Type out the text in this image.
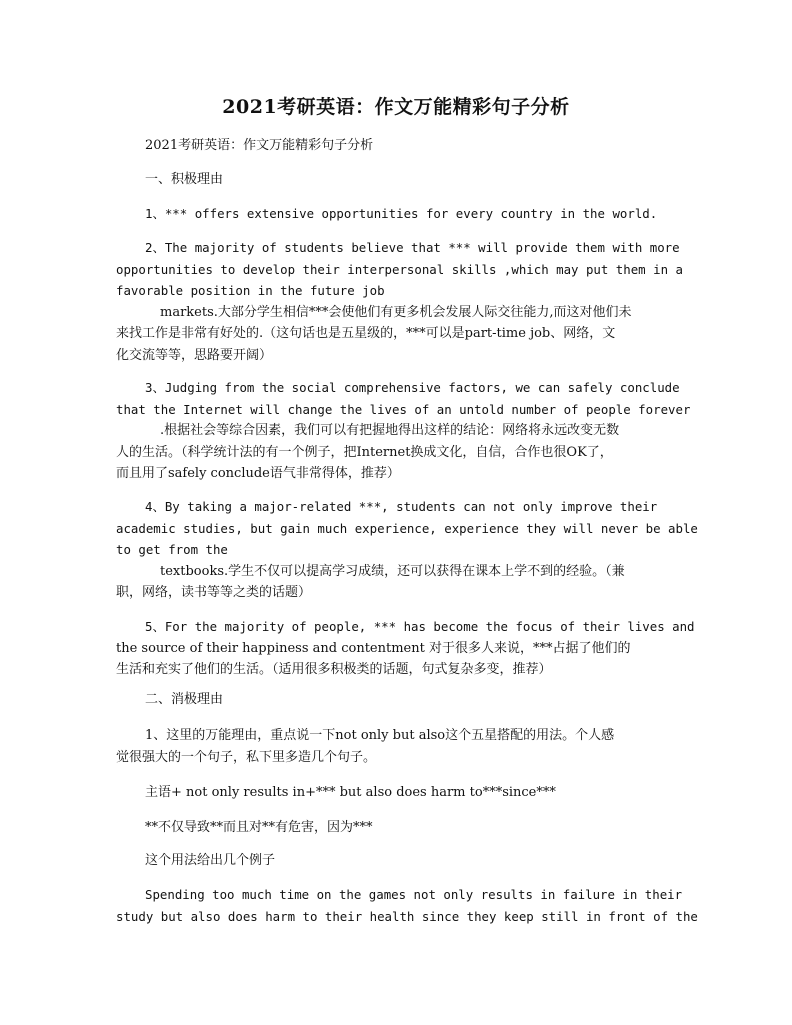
2021考研英语：作文万能精彩句子分析
2021考研英语：作文万能精彩句子分析
一、积极理由
1、*** offers extensive opportunities for every country in the world.
2、The majority of students believe that *** will provide them with more
opportunities to develop their interpersonal skills ,which may put them in a
favorable position in the future job
markets.大部分学生相信***会使他们有更多机会发展人际交往能力,而这对他们未
来找工作是非常有好处的.（这句话也是五星级的，***可以是part-time job、网络，文
化交流等等，思路要开阔）
3、Judging from the social comprehensive factors, we can safely conclude
that the Internet will change the lives of an untold number of people forever
.根据社会等综合因素，我们可以有把握地得出这样的结论：网络将永远改变无数
人的生活。（科学统计法的有一个例子，把Internet换成文化，自信，合作也很OK了，
而且用了safely conclude语气非常得体，推荐）
4、By taking a major-related ***, students can not only improve their
academic studies, but gain much experience, experience they will never be able
to get from the
textbooks.学生不仅可以提高学习成绩，还可以获得在课本上学不到的经验。（兼
职，网络，读书等等之类的话题）
5、For the majority of people, *** has become the focus of their lives and
the source of their happiness and contentment 对于很多人来说，***占据了他们的
生活和充实了他们的生活。（适用很多积极类的话题，句式复杂多变，推荐）
二、消极理由
1、这里的万能理由，重点说一下not only but also这个五星搭配的用法。个人感
觉很强大的一个句子，私下里多造几个句子。
主语+ not only results in+*** but also does harm to***since***
**不仅导致**而且对**有危害，因为***
这个用法给出几个例子
Spending too much time on the games not only results in failure in their
study but also does harm to their health since they keep still in front of the
